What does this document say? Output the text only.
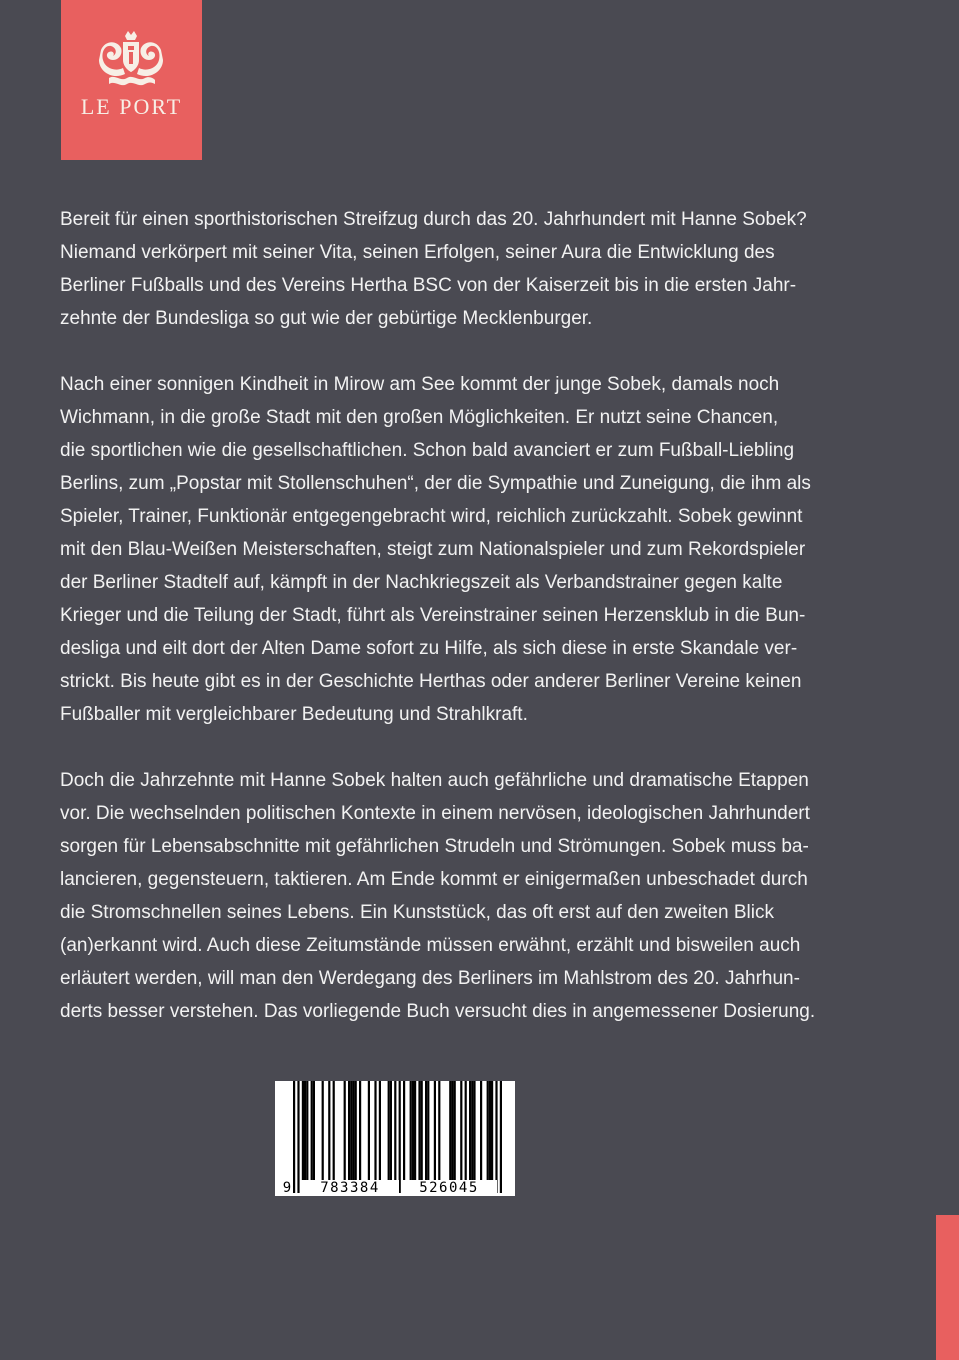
LE PORT

Bereit für einen sporthistorischen Streifzug durch das 20. Jahrhundert mit Hanne Sobek?
Niemand verkörpert mit seiner Vita, seinen Erfolgen, seiner Aura die Entwicklung des
Berliner Fußballs und des Vereins Hertha BSC von der Kaiserzeit bis in die ersten Jahr-
zehnte der Bundesliga so gut wie der gebürtige Mecklenburger.

Nach einer sonnigen Kindheit in Mirow am See kommt der junge Sobek, damals noch
Wichmann, in die große Stadt mit den großen Möglichkeiten. Er nutzt seine Chancen,
die sportlichen wie die gesellschaftlichen. Schon bald avanciert er zum Fußball-Liebling
Berlins, zum „Popstar mit Stollenschuhen“, der die Sympathie und Zuneigung, die ihm als
Spieler, Trainer, Funktionär entgegengebracht wird, reichlich zurückzahlt. Sobek gewinnt
mit den Blau-Weißen Meisterschaften, steigt zum Nationalspieler und zum Rekordspieler
der Berliner Stadtelf auf, kämpft in der Nachkriegszeit als Verbandstrainer gegen kalte
Krieger und die Teilung der Stadt, führt als Vereinstrainer seinen Herzensklub in die Bun-
desliga und eilt dort der Alten Dame sofort zu Hilfe, als sich diese in erste Skandale ver-
strickt. Bis heute gibt es in der Geschichte Herthas oder anderer Berliner Vereine keinen
Fußballer mit vergleichbarer Bedeutung und Strahlkraft.

Doch die Jahrzehnte mit Hanne Sobek halten auch gefährliche und dramatische Etappen
vor. Die wechselnden politischen Kontexte in einem nervösen, ideologischen Jahrhundert
sorgen für Lebensabschnitte mit gefährlichen Strudeln und Strömungen. Sobek muss ba-
lancieren, gegensteuern, taktieren. Am Ende kommt er einigermaßen unbeschadet durch
die Stromschnellen seines Lebens. Ein Kunststück, das oft erst auf den zweiten Blick
(an)erkannt wird. Auch diese Zeitumstände müssen erwähnt, erzählt und bisweilen auch
erläutert werden, will man den Werdegang des Berliners im Mahlstrom des 20. Jahrhun-
derts besser verstehen. Das vorliegende Buch versucht dies in angemessener Dosierung.

9	783384	526045
